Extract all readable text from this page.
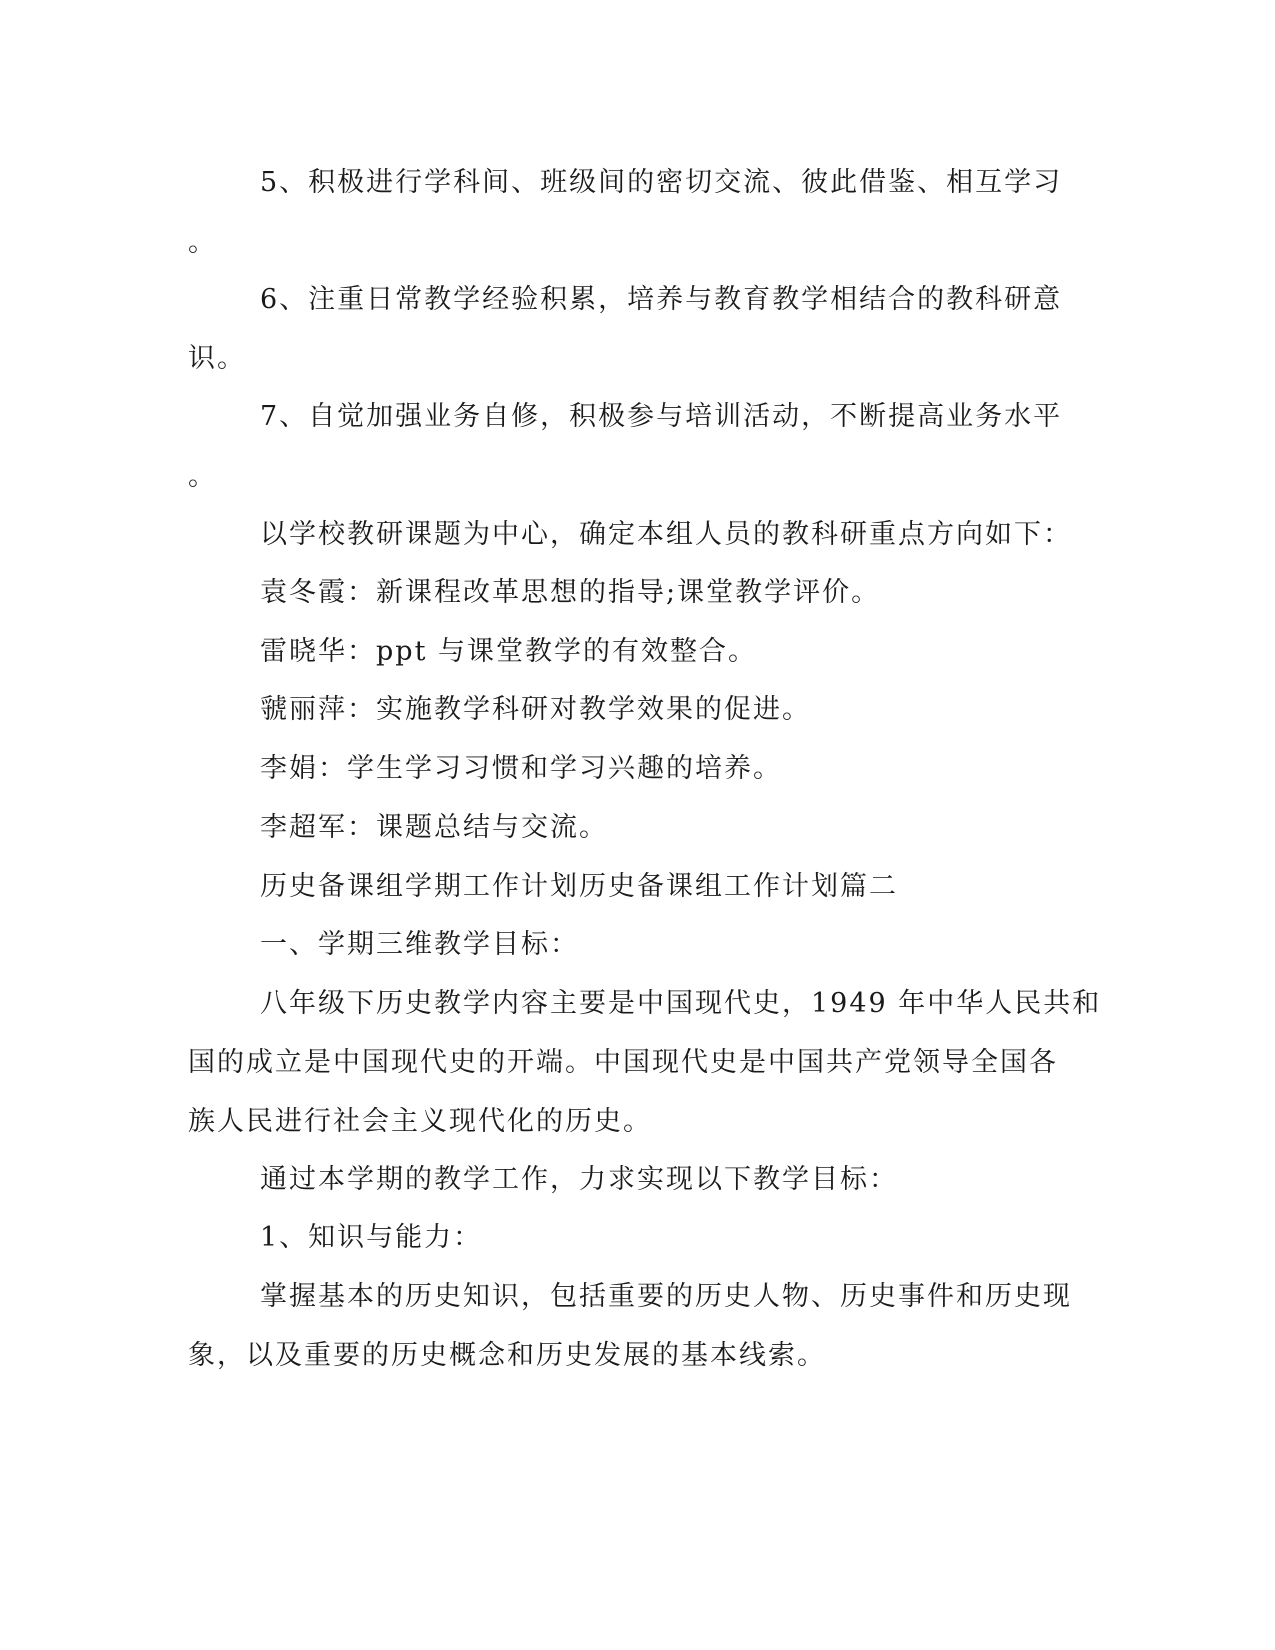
5、积极进行学科间、班级间的密切交流、彼此借鉴、相互学习
。
6、注重日常教学经验积累，培养与教育教学相结合的教科研意
识。
7、自觉加强业务自修，积极参与培训活动，不断提高业务水平
。
以学校教研课题为中心，确定本组人员的教科研重点方向如下：
袁冬霞：新课程改革思想的指导;课堂教学评价。
雷晓华：ppt 与课堂教学的有效整合。
虢丽萍：实施教学科研对教学效果的促进。
李娟：学生学习习惯和学习兴趣的培养。
李超军：课题总结与交流。
历史备课组学期工作计划历史备课组工作计划篇二
一、学期三维教学目标：
八年级下历史教学内容主要是中国现代史，1949 年中华人民共和
国的成立是中国现代史的开端。中国现代史是中国共产党领导全国各
族人民进行社会主义现代化的历史。
通过本学期的教学工作，力求实现以下教学目标：
1、知识与能力：
掌握基本的历史知识，包括重要的历史人物、历史事件和历史现
象，以及重要的历史概念和历史发展的基本线索。
